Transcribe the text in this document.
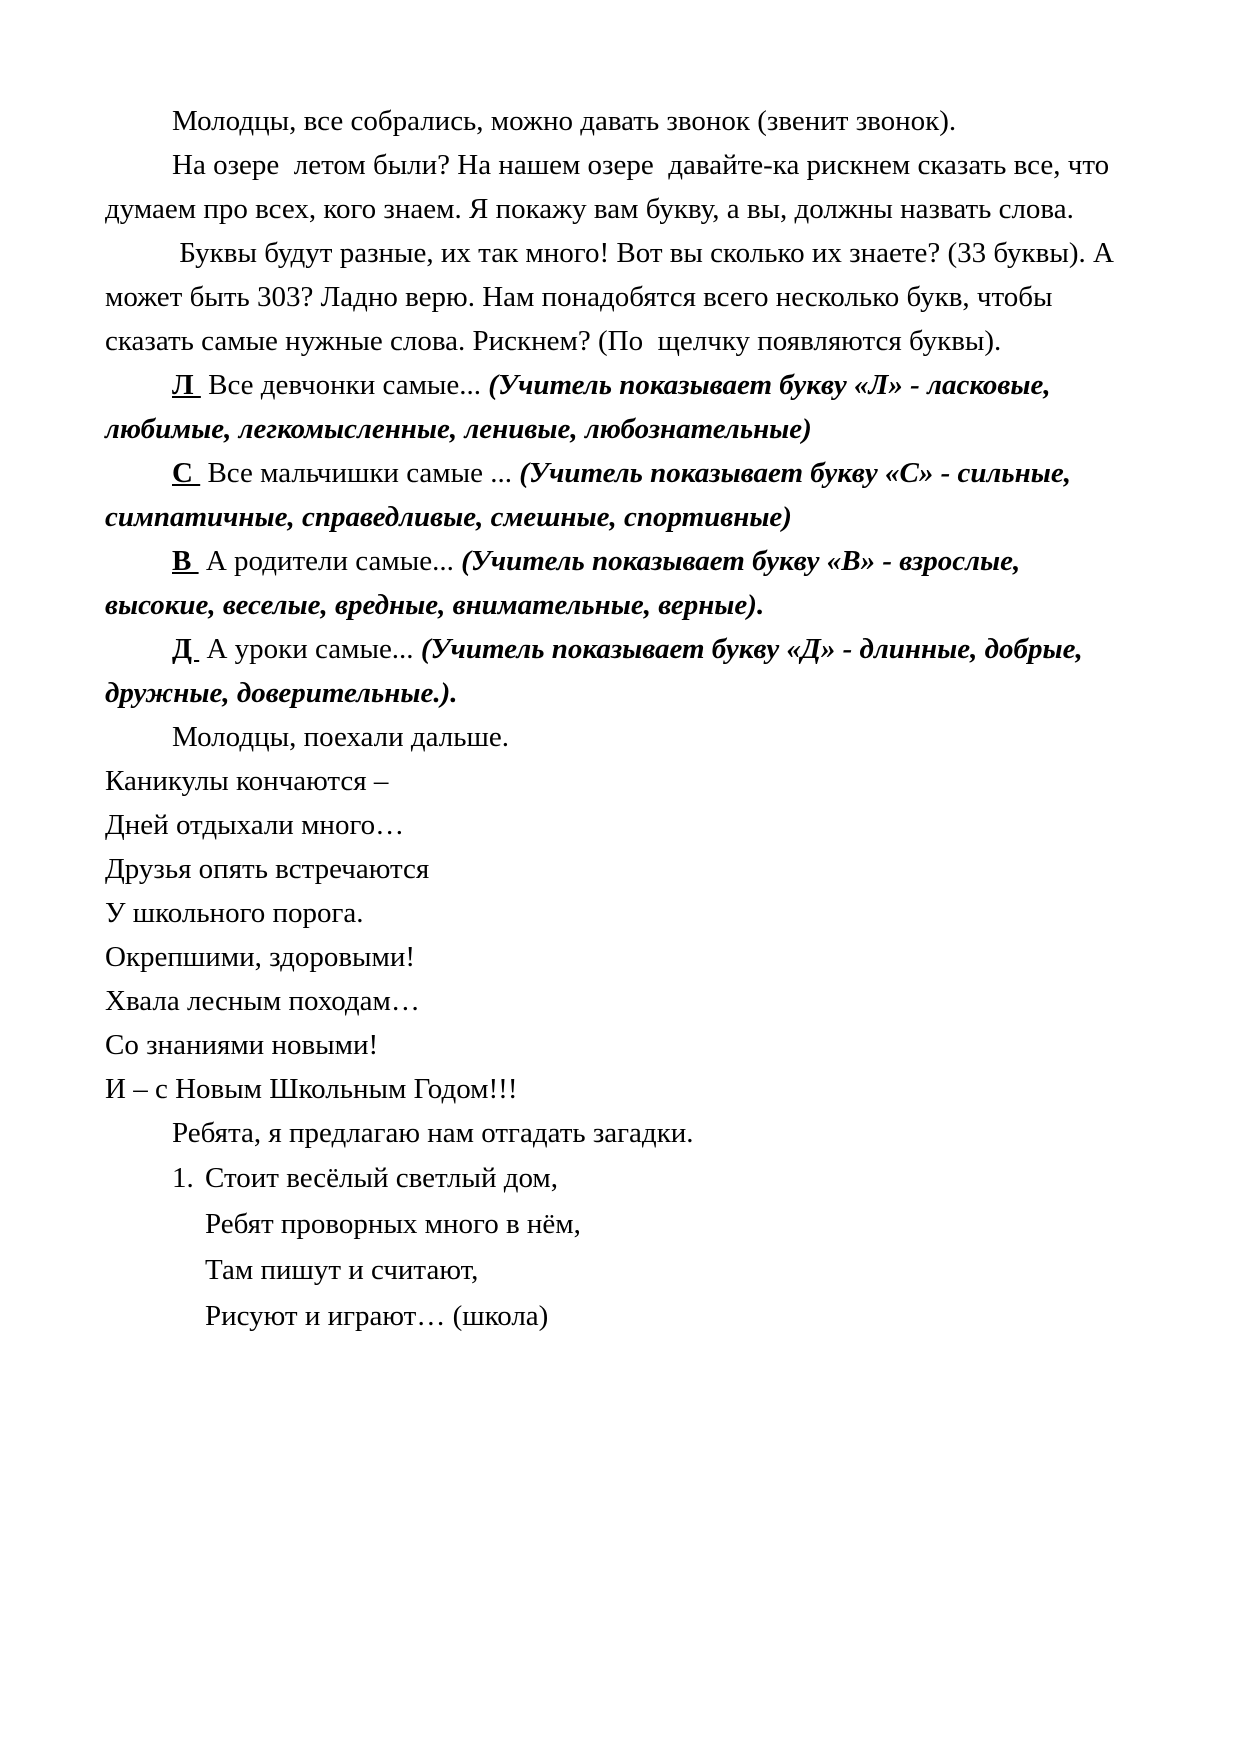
Молодцы, все собрались, можно давать звонок (звенит звонок).

На озере  летом были? На нашем озере  давайте-ка рискнем сказать все, что думаем про всех, кого знаем. Я покажу вам букву, а вы, должны назвать слова.

Буквы будут разные, их так много! Вот вы сколько их знаете? (33 буквы). А может быть 303? Ладно верю. Нам понадобятся всего несколько букв, чтобы сказать самые нужные слова. Рискнем? (По  щелчку появляются буквы).

Л  Все девчонки самые... (Учитель показывает букву «Л» - ласковые, любимые, легкомысленные, ленивые, любознательные)

С  Все мальчишки самые ... (Учитель показывает букву «С» - сильные, симпатичные, справедливые, смешные, спортивные)

В  А родители самые... (Учитель показывает букву «В» - взрослые, высокие, веселые, вредные, внимательные, верные).

Д  А уроки самые... (Учитель показывает букву «Д» - длинные, добрые, дружные, доверительные.).

Молодцы, поехали дальше.

Каникулы кончаются –

Дней отдыхали много…

Друзья опять встречаются

У школьного порога.

Окрепшими, здоровыми!

Хвала лесным походам…

Со знаниями новыми!

И – с Новым Школьным Годом!!!

Ребята, я предлагаю нам отгадать загадки.

1. Стоит весёлый светлый дом,

Ребят проворных много в нём,

Там пишут и считают,

Рисуют и играют… (школа)
